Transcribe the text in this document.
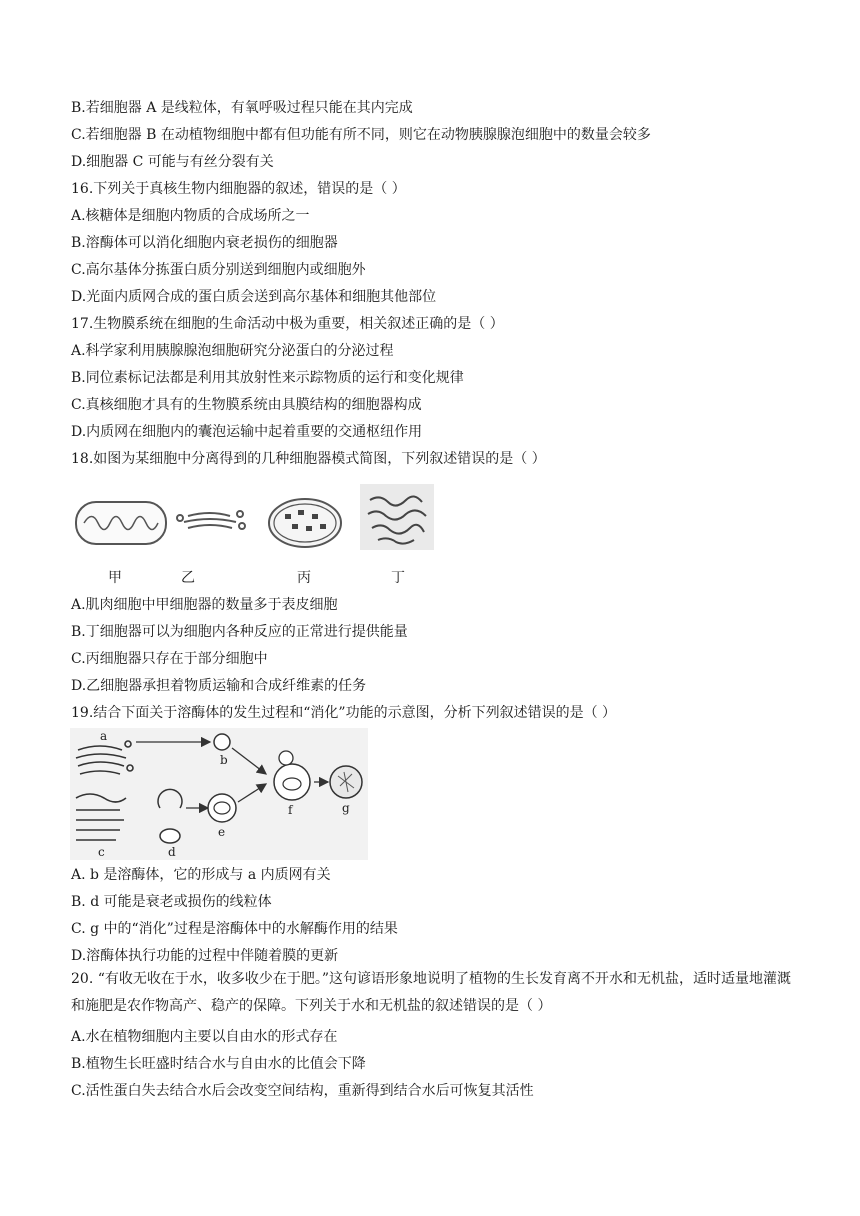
B.若细胞器 A 是线粒体，有氧呼吸过程只能在其内完成
C.若细胞器 B 在动植物细胞中都有但功能有所不同，则它在动物胰腺腺泡细胞中的数量会较多
D.细胞器 C 可能与有丝分裂有关
16.下列关于真核生物内细胞器的叙述，错误的是（ ）
A.核糖体是细胞内物质的合成场所之一
B.溶酶体可以消化细胞内衰老损伤的细胞器
C.高尔基体分拣蛋白质分别送到细胞内或细胞外
D.光面内质网合成的蛋白质会送到高尔基体和细胞其他部位
17.生物膜系统在细胞的生命活动中极为重要，相关叙述正确的是（ ）
A.科学家利用胰腺腺泡细胞研究分泌蛋白的分泌过程
B.同位素标记法都是利用其放射性来示踪物质的运行和变化规律
C.真核细胞才具有的生物膜系统由具膜结构的细胞器构成
D.内质网在细胞内的囊泡运输中起着重要的交通枢纽作用
18.如图为某细胞中分离得到的几种细胞器模式简图，下列叙述错误的是（ ）
甲	乙	丙	丁
A.肌肉细胞中甲细胞器的数量多于表皮细胞
B.丁细胞器可以为细胞内各种反应的正常进行提供能量
C.丙细胞器只存在于部分细胞中
D.乙细胞器承担着物质运输和合成纤维素的任务
19.结合下面关于溶酶体的发生过程和“消化”功能的示意图，分析下列叙述错误的是（ ）
a
b
c	d
e
f	g
A. b 是溶酶体，它的形成与 a 内质网有关
B. d 可能是衰老或损伤的线粒体
C. g 中的“消化”过程是溶酶体中的水解酶作用的结果
D.溶酶体执行功能的过程中伴随着膜的更新
20. “有收无收在于水，收多收少在于肥。”这句谚语形象地说明了植物的生长发育离不开水和无机盐，适时适量地灌溉和施肥是农作物高产、稳产的保障。下列关于水和无机盐的叙述错误的是（ ）
A.水在植物细胞内主要以自由水的形式存在
B.植物生长旺盛时结合水与自由水的比值会下降
C.活性蛋白失去结合水后会改变空间结构，重新得到结合水后可恢复其活性
